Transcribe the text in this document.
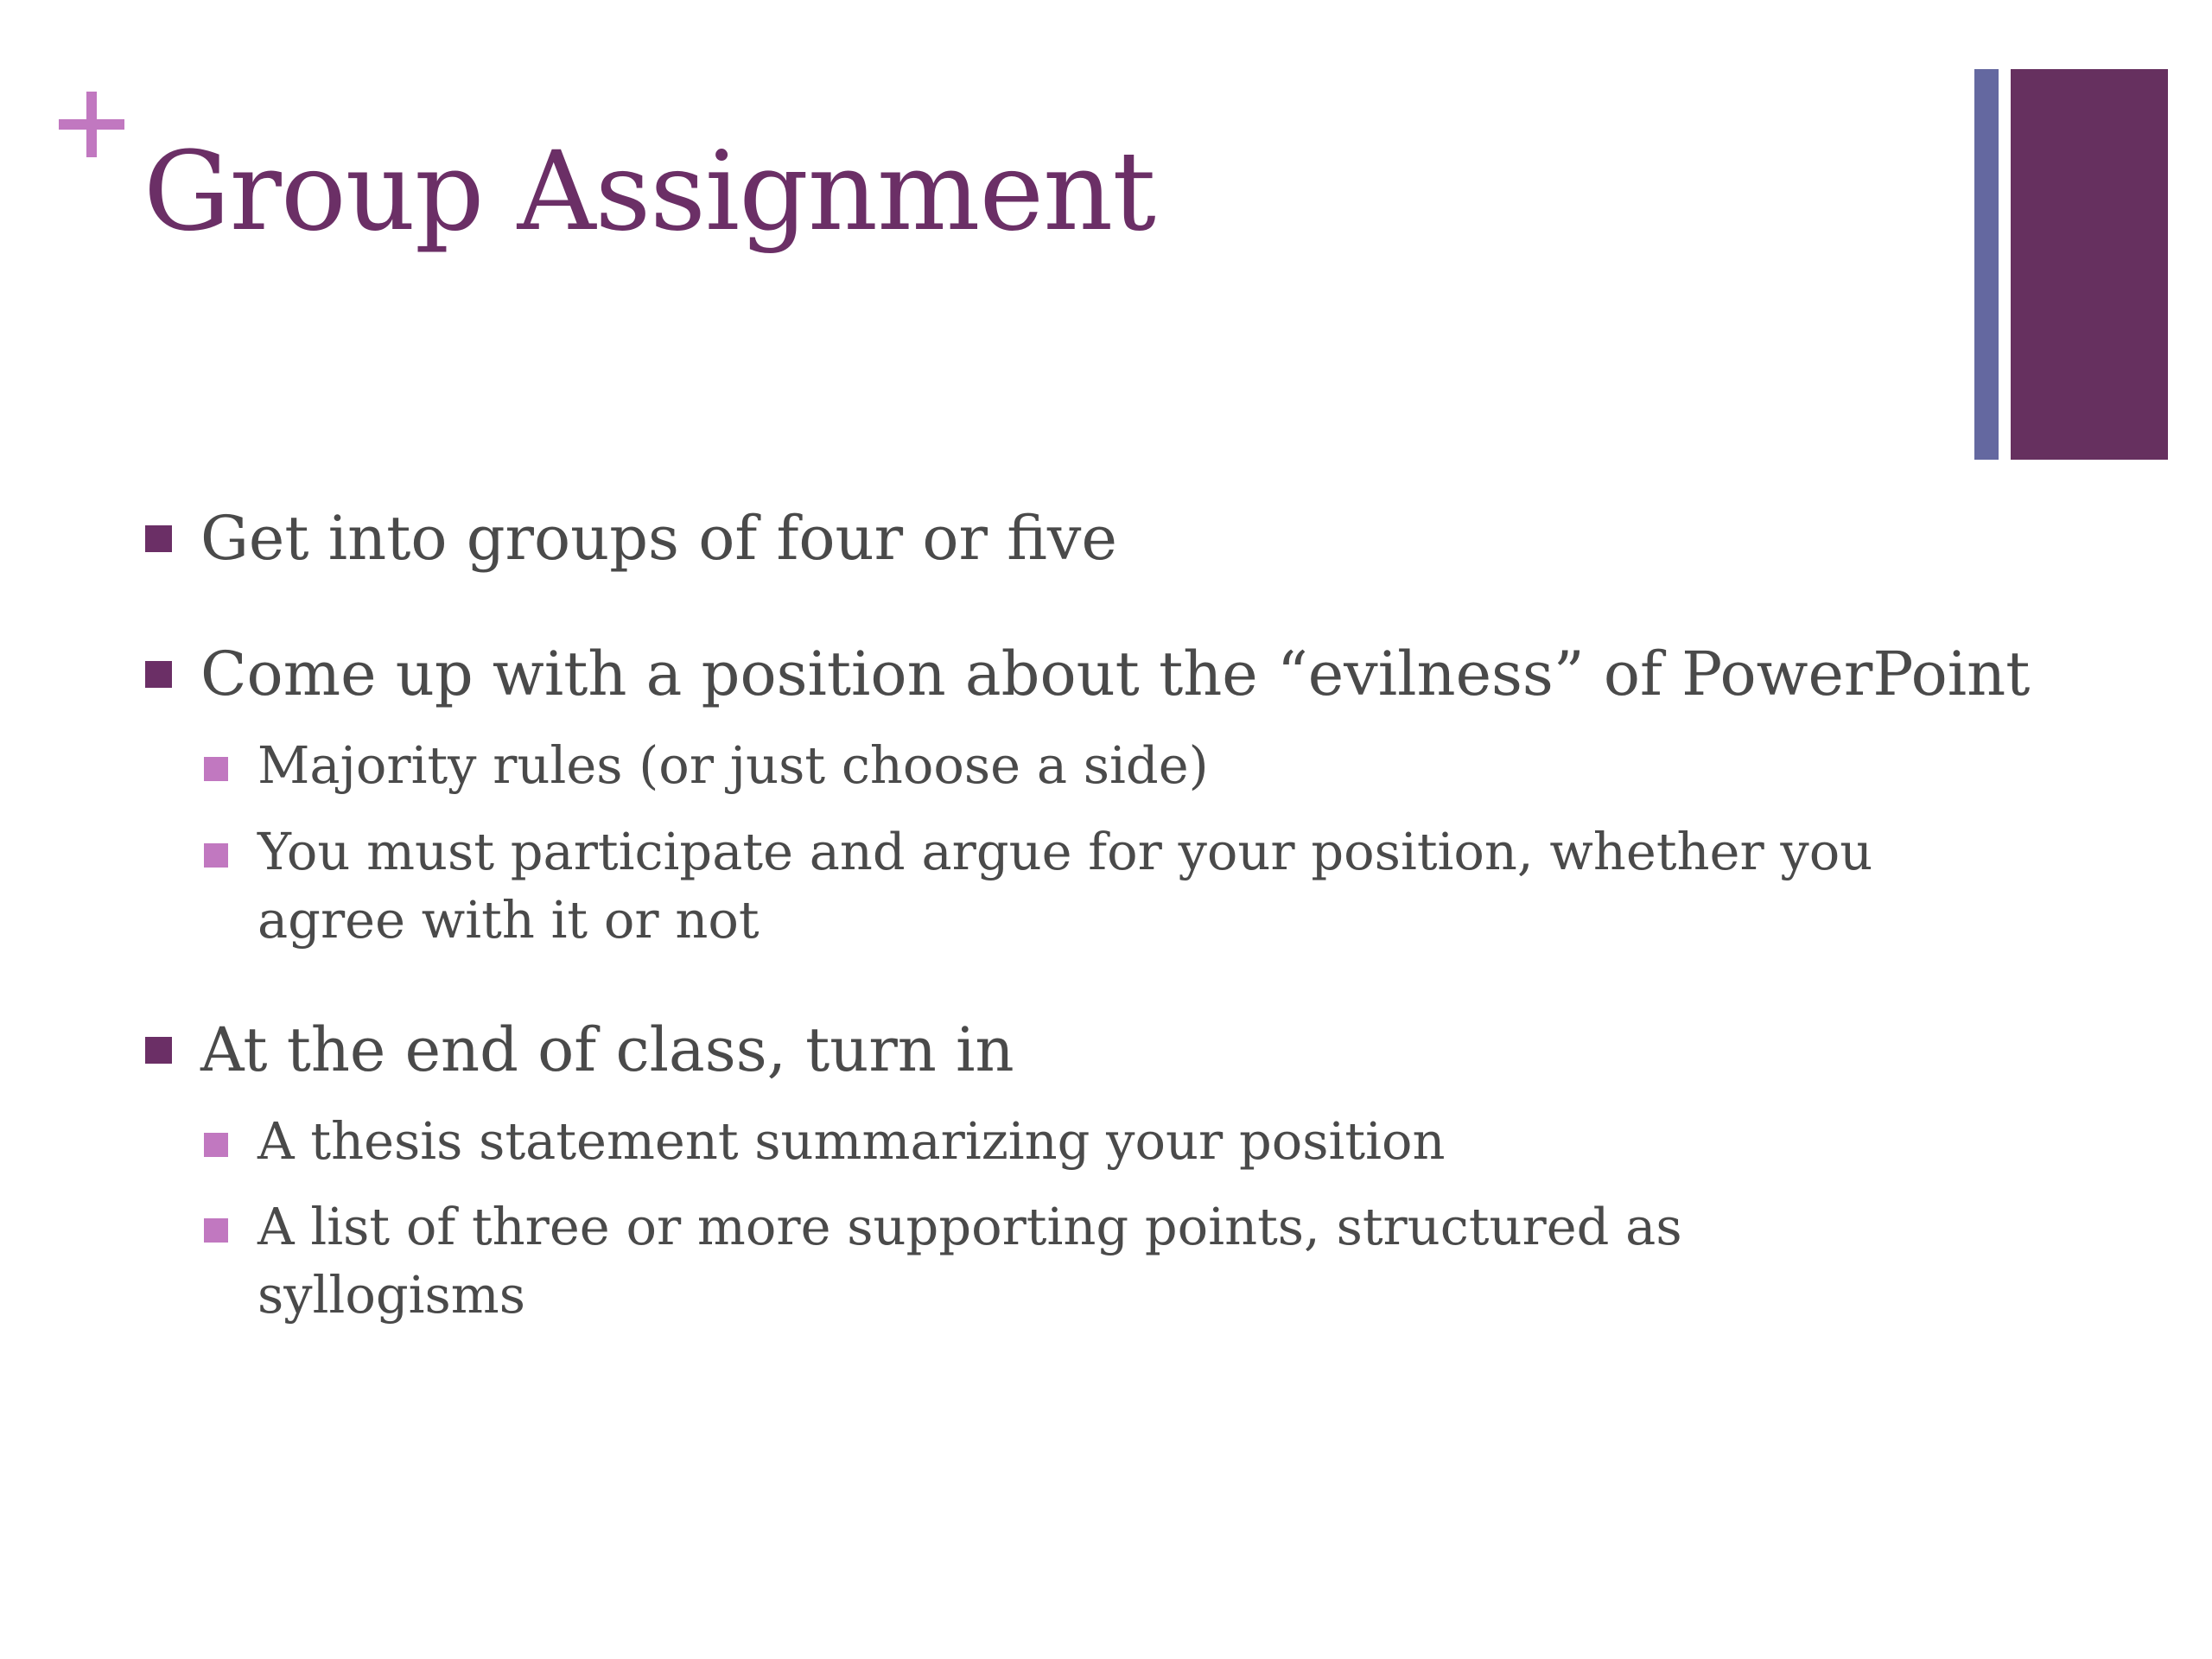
Group Assignment
Get into groups of four or five
Come up with a position about the “evilness” of PowerPoint
Majority rules (or just choose a side)
You must participate and argue for your position, whether you agree with it or not
At the end of class, turn in
A thesis statement summarizing your position
A list of three or more supporting points, structured as syllogisms
